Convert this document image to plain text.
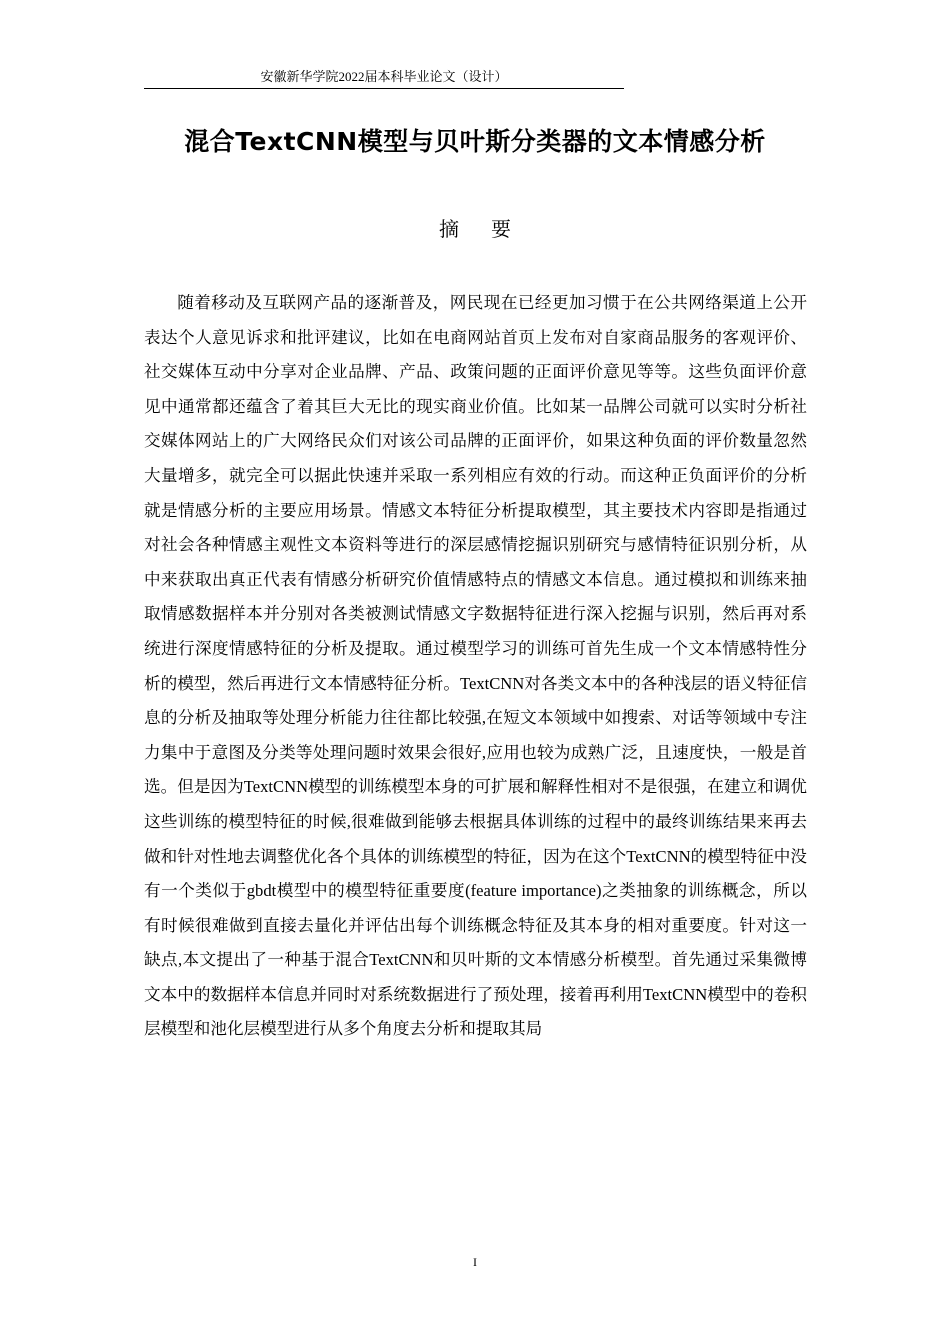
安徽新华学院2022届本科毕业论文（设计）
混合TextCNN模型与贝叶斯分类器的文本情感分析
摘要

随着移动及互联网产品的逐渐普及，网民现在已经更加习惯于在公共网络渠道上公开表达个人意见诉求和批评建议，比如在电商网站首页上发布对自家商品服务的客观评价、社交媒体互动中分享对企业品牌、产品、政策问题的正面评价意见等等。这些负面评价意见中通常都还蕴含了着其巨大无比的现实商业价值。比如某一品牌公司就可以实时分析社交媒体网站上的广大网络民众们对该公司品牌的正面评价，如果这种负面的评价数量忽然大量增多，就完全可以据此快速并采取一系列相应有效的行动。而这种正负面评价的分析就是情感分析的主要应用场景。情感文本特征分析提取模型，其主要技术内容即是指通过对社会各种情感主观性文本资料等进行的深层感情挖掘识别研究与感情特征识别分析，从中来获取出真正代表有情感分析研究价值情感特点的情感文本信息。通过模拟和训练来抽取情感数据样本并分别对各类被测试情感文字数据特征进行深入挖掘与识别，然后再对系统进行深度情感特征的分析及提取。通过模型学习的训练可首先生成一个文本情感特性分析的模型，然后再进行文本情感特征分析。TextCNN对各类文本中的各种浅层的语义特征信息的分析及抽取等处理分析能力往往都比较强,在短文本领域中如搜索、对话等领域中专注力集中于意图及分类等处理问题时效果会很好,应用也较为成熟广泛，且速度快，一般是首选。但是因为TextCNN模型的训练模型本身的可扩展和解释性相对不是很强，在建立和调优这些训练的模型特征的时候,很难做到能够去根据具体训练的过程中的最终训练结果来再去做和针对性地去调整优化各个具体的训练模型的特征，因为在这个TextCNN的模型特征中没有一个类似于gbdt模型中的模型特征重要度(feature importance)之类抽象的训练概念，所以有时候很难做到直接去量化并评估出每个训练概念特征及其本身的相对重要度。针对这一缺点,本文提出了一种基于混合TextCNN和贝叶斯的文本情感分析模型。首先通过采集微博文本中的数据样本信息并同时对系统数据进行了预处理，接着再利用TextCNN模型中的卷积层模型和池化层模型进行从多个角度去分析和提取其局

I
